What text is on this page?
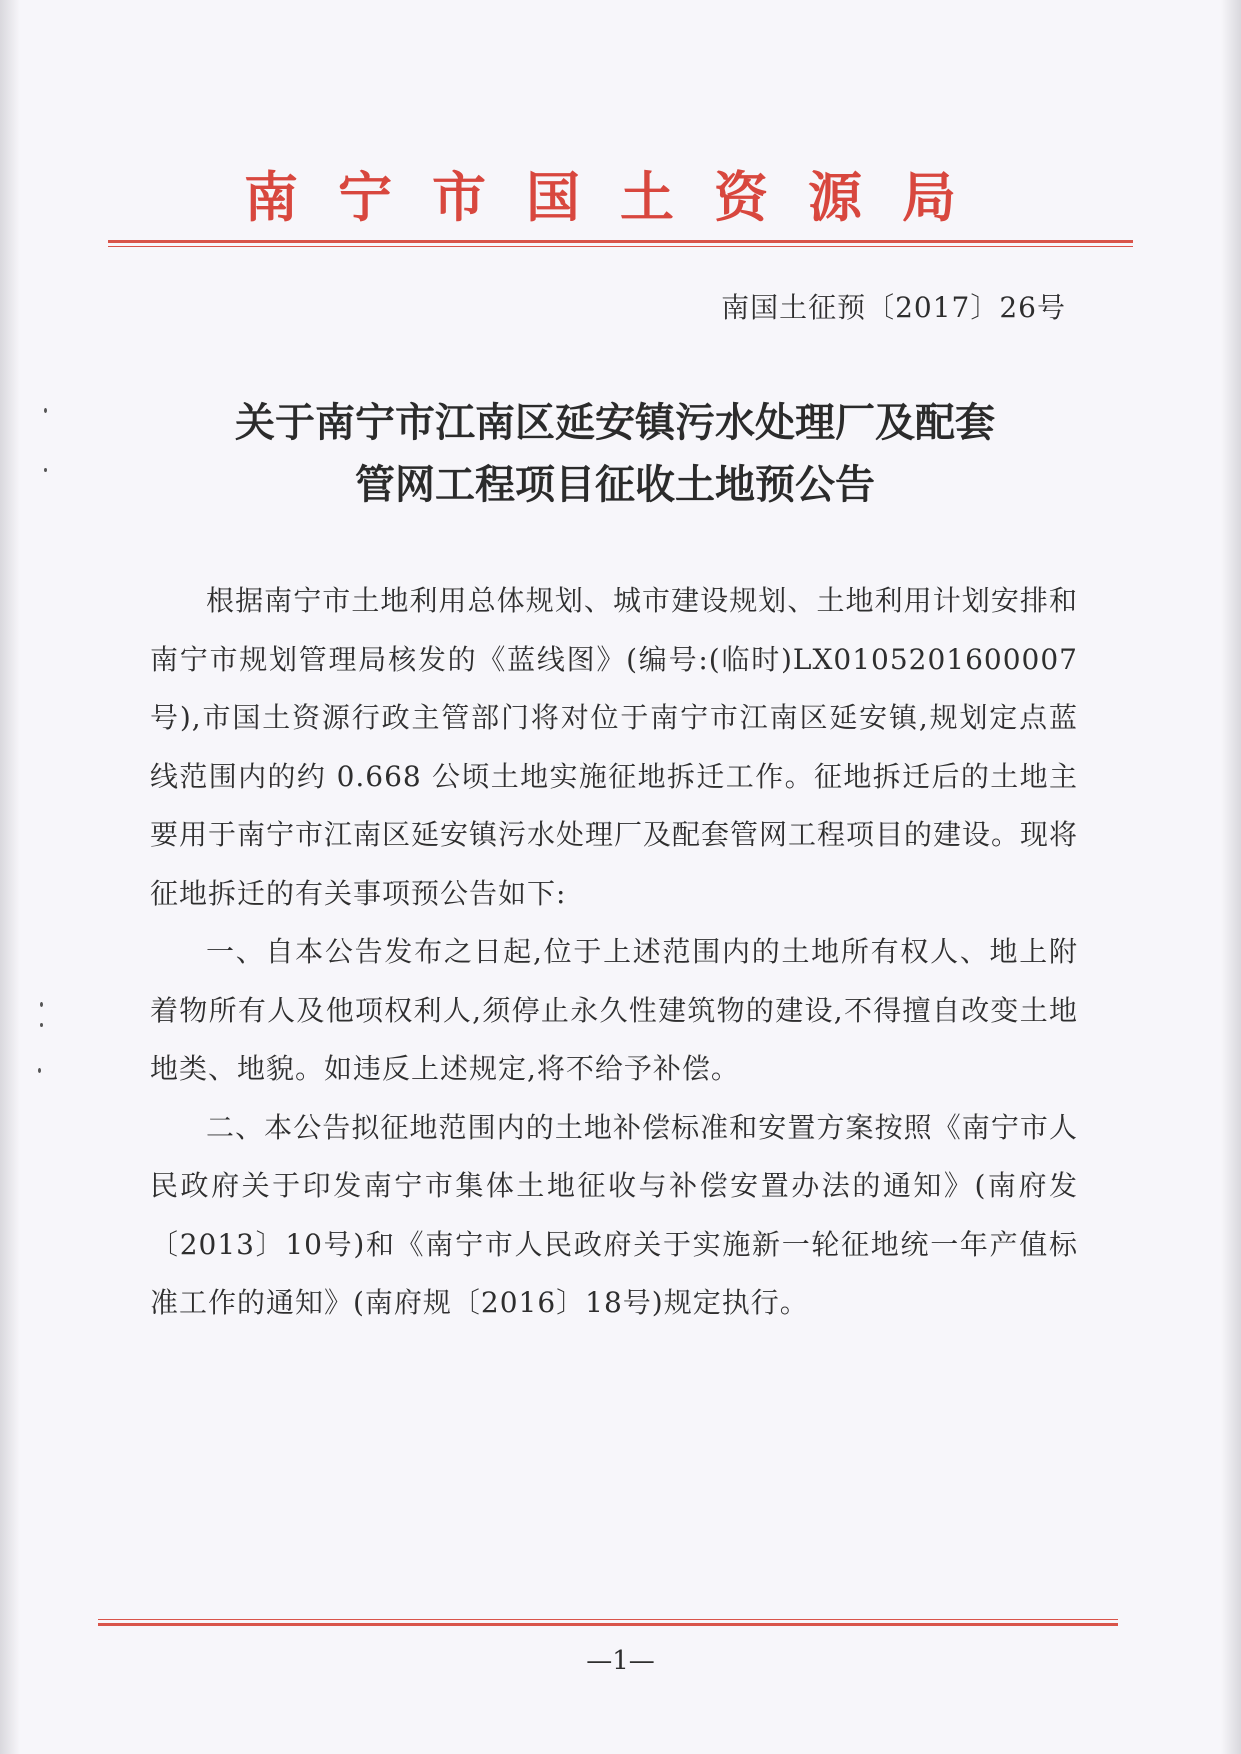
南宁市国土资源局
南国土征预〔2017〕26号
关于南宁市江南区延安镇污水处理厂及配套
管网工程项目征收土地预公告

根据南宁市土地利用总体规划、城市建设规划、土地利用计划安排和南宁市规划管理局核发的《蓝线图》(编号:(临时)LX0105201600007号),市国土资源行政主管部门将对位于南宁市江南区延安镇,规划定点蓝线范围内的约 0.668 公顷土地实施征地拆迁工作。征地拆迁后的土地主要用于南宁市江南区延安镇污水处理厂及配套管网工程项目的建设。现将征地拆迁的有关事项预公告如下:

一、自本公告发布之日起,位于上述范围内的土地所有权人、地上附着物所有人及他项权利人,须停止永久性建筑物的建设,不得擅自改变土地地类、地貌。如违反上述规定,将不给予补偿。

二、本公告拟征地范围内的土地补偿标准和安置方案按照《南宁市人民政府关于印发南宁市集体土地征收与补偿安置办法的通知》(南府发〔2013〕10号)和《南宁市人民政府关于实施新一轮征地统一年产值标准工作的通知》(南府规〔2016〕18号)规定执行。

—1—
